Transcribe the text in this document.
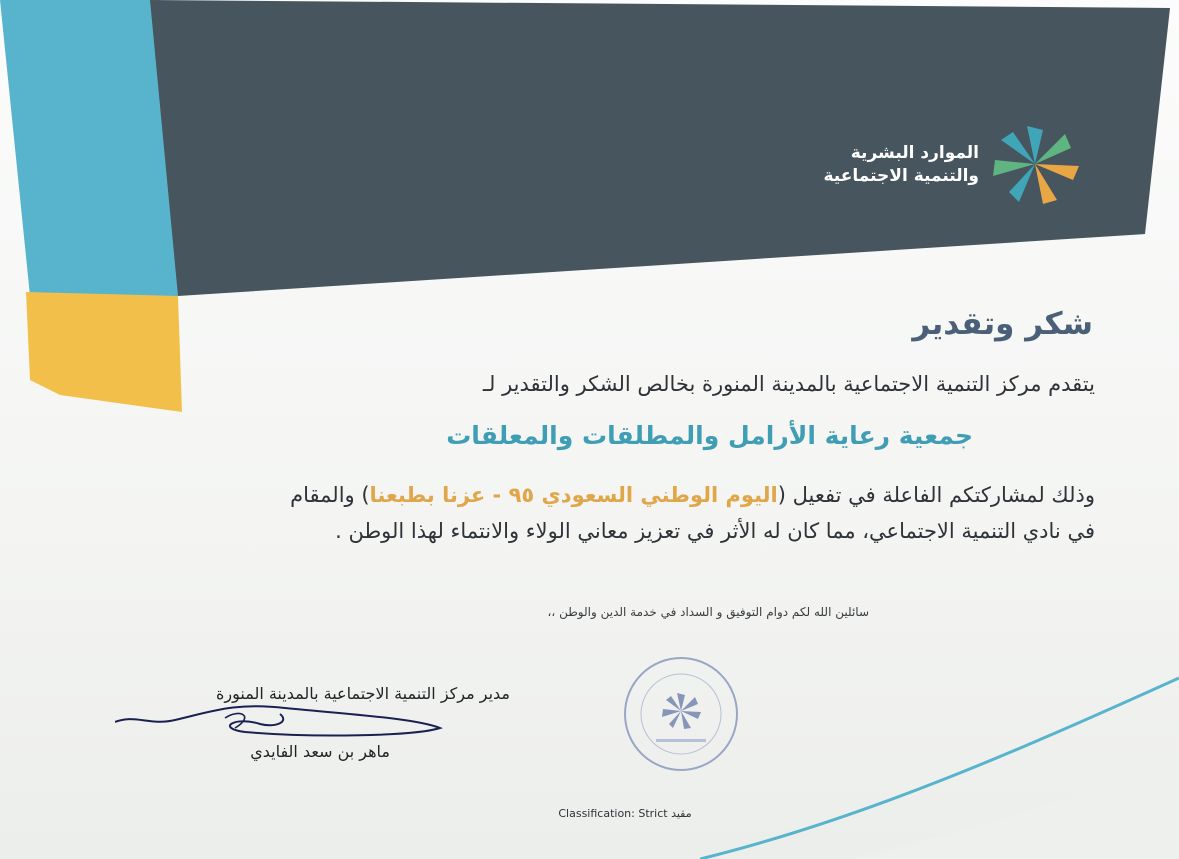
الموارد البشرية
والتنمية الاجتماعية
شكر وتقدير
يتقدم مركز التنمية الاجتماعية بالمدينة المنورة بخالص الشكر والتقدير لـ
جمعية رعاية الأرامل والمطلقات والمعلقات
وذلك لمشاركتكم الفاعلة في تفعيل (اليوم الوطني السعودي ٩٥ - عزنا بطبعنا) والمقام في نادي التنمية الاجتماعي، مما كان له الأثر في تعزيز معاني الولاء والانتماء لهذا الوطن .
سائلين الله لكم دوام التوفيق و السداد في خدمة الدين والوطن ،،
مدير مركز التنمية الاجتماعية بالمدينة المنورة
ماهر بن سعد الفايدي
Classification: Strict مقيد
